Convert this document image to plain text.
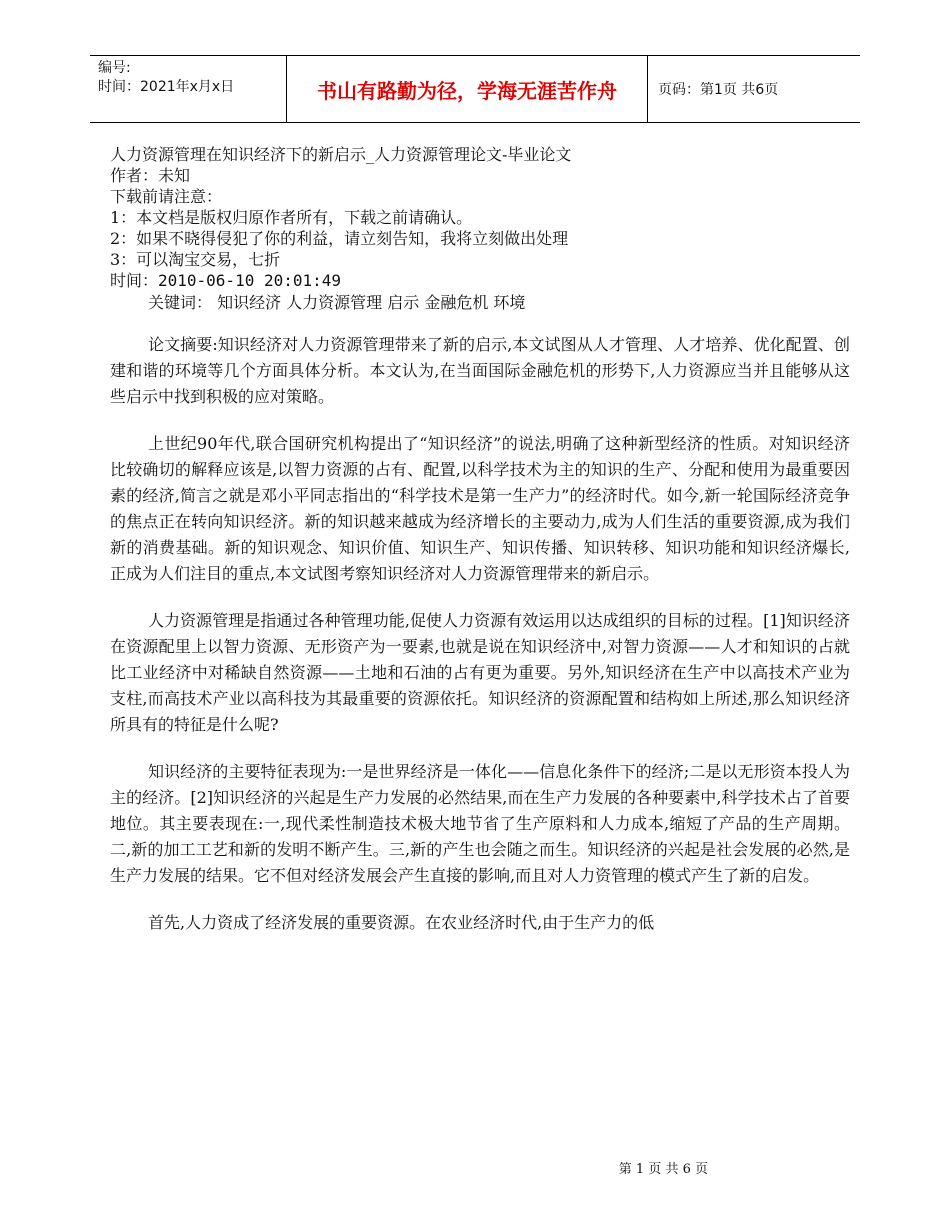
编号:
时间：2021年x月x日	书山有路勤为径，学海无涯苦作舟	页码：第1页 共6页
人力资源管理在知识经济下的新启示_人力资源管理论文-毕业论文
作者：未知
下载前请注意：
1：本文档是版权归原作者所有，下载之前请确认。
2：如果不晓得侵犯了你的利益，请立刻告知，我将立刻做出处理
3：可以淘宝交易，七折
时间：2010-06-10 20:01:49
关键词： 知识经济 人力资源管理 启示 金融危机 环境

论文摘要:知识经济对人力资源管理带来了新的启示,本文试图从人才管理、人才培养、优化配置、创建和谐的环境等几个方面具体分析。本文认为,在当面国际金融危机的形势下,人力资源应当并且能够从这些启示中找到积极的应对策略。

上世纪90年代,联合国研究机构提出了“知识经济”的说法,明确了这种新型经济的性质。对知识经济比较确切的解释应该是,以智力资源的占有、配置,以科学技术为主的知识的生产、分配和使用为最重要因素的经济,简言之就是邓小平同志指出的“科学技术是第一生产力”的经济时代。如今,新一轮国际经济竞争的焦点正在转向知识经济。新的知识越来越成为经济增长的主要动力,成为人们生活的重要资源,成为我们新的消费基础。新的知识观念、知识价值、知识生产、知识传播、知识转移、知识功能和知识经济爆长,正成为人们注目的重点,本文试图考察知识经济对人力资源管理带来的新启示。

人力资源管理是指通过各种管理功能,促使人力资源有效运用以达成组织的目标的过程。[1]知识经济在资源配里上以智力资源、无形资产为一要素,也就是说在知识经济中,对智力资源——人才和知识的占就比工业经济中对稀缺自然资源——土地和石油的占有更为重要。另外,知识经济在生产中以高技术产业为支柱,而高技术产业以高科技为其最重要的资源依托。知识经济的资源配置和结构如上所述,那么知识经济所具有的特征是什么呢?

知识经济的主要特征表现为:一是世界经济是一体化——信息化条件下的经济;二是以无形资本投人为主的经济。[2]知识经济的兴起是生产力发展的必然结果,而在生产力发展的各种要素中,科学技术占了首要地位。其主要表现在:一,现代柔性制造技术极大地节省了生产原料和人力成本,缩短了产品的生产周期。二,新的加工工艺和新的发明不断产生。三,新的产生也会随之而生。知识经济的兴起是社会发展的必然,是生产力发展的结果。它不但对经济发展会产生直接的影响,而且对人力资管理的模式产生了新的启发。

首先,人力资成了经济发展的重要资源。在农业经济时代,由于生产力的低

第 1 页 共 6 页
